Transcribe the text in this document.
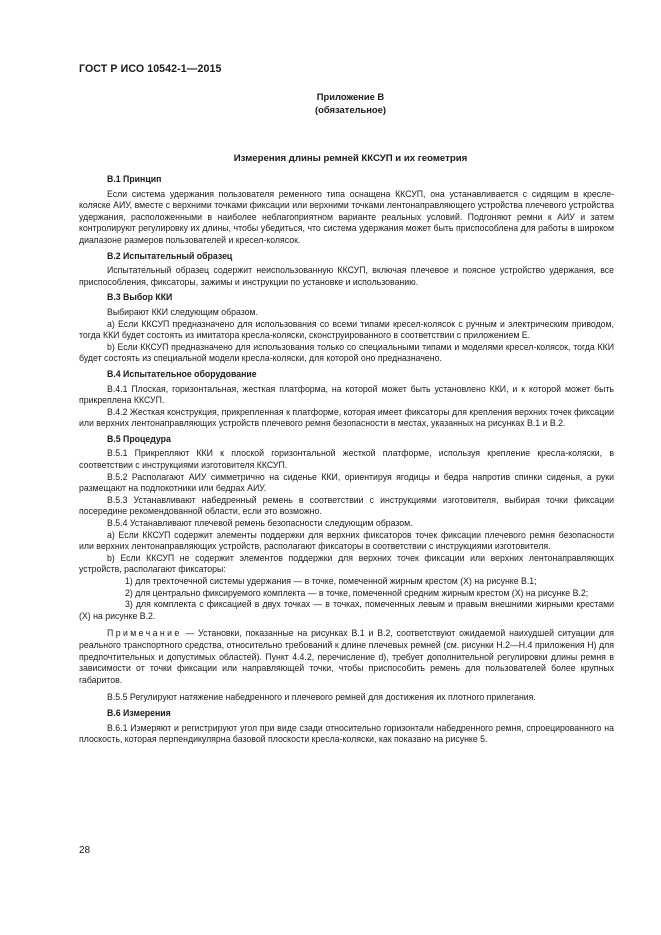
ГОСТ Р ИСО 10542-1—2015
Приложение В
(обязательное)
Измерения длины ремней ККСУП и их геометрия

В.1 Принцип

Если система удержания пользователя ременного типа оснащена ККСУП, она устанавливается с сидящим в кресле-коляске АИУ, вместе с верхними точками фиксации или верхними точками лентонаправляющего устройства плечевого устройства удержания, расположенными в наиболее неблагоприятном варианте реальных условий. Подгоняют ремни к АИУ и затем контролируют регулировку их длины, чтобы убедиться, что система удержания может быть приспособлена для работы в широком диапазоне размеров пользователей и кресел-колясок.

В.2 Испытательный образец

Испытательный образец содержит неиспользованную ККСУП, включая плечевое и поясное устройство удержания, все приспособления, фиксаторы, зажимы и инструкции по установке и использованию.

В.3 Выбор ККИ

Выбирают ККИ следующим образом.

а) Если ККСУП предназначено для использования со всеми типами кресел-колясок с ручным и электрическим приводом, тогда ККИ будет состоять из имитатора кресла-коляски, сконструированного в соответствии с приложением Е.

b) Если ККСУП предназначено для использования только со специальными типами и моделями кресел-колясок, тогда ККИ будет состоять из специальной модели кресла-коляски, для которой оно предназначено.

В.4 Испытательное оборудование

В.4.1 Плоская, горизонтальная, жесткая платформа, на которой может быть установлено ККИ, и к которой может быть прикреплена ККСУП.

В.4.2 Жесткая конструкция, прикрепленная к платформе, которая имеет фиксаторы для крепления верхних точек фиксации или верхних лентонаправляющих устройств плечевого ремня безопасности в местах, указанных на рисунках В.1 и В.2.

В.5 Процедура

В.5.1 Прикрепляют ККИ к плоской горизонтальной жесткой платформе, используя крепление кресла-коляски, в соответствии с инструкциями изготовителя ККСУП.

В.5.2 Располагают АИУ симметрично на сиденье ККИ, ориентируя ягодицы и бедра напротив спинки сиденья, а руки размещают на подлокотники или бедрах АИУ.

В.5.3 Устанавливают набедренный ремень в соответствии с инструкциями изготовителя, выбирая точки фиксации посередине рекомендованной области, если это возможно.

В.5.4 Устанавливают плечевой ремень безопасности следующим образом.

а) Если ККСУП содержит элементы поддержки для верхних фиксаторов точек фиксации плечевого ремня безопасности или верхних лентонаправляющих устройств, располагают фиксаторы в соответствии с инструкциями изготовителя.

b) Если ККСУП не содержит элементов поддержки для верхних точек фиксации или верхних лентонаправляющих устройств, располагают фиксаторы:

1) для трехточечной системы удержания — в точке, помеченной жирным крестом (X) на рисунке В.1;

2) для центрально фиксируемого комплекта — в точке, помеченной средним жирным крестом (X) на рисунке В.2;

3) для комплекта с фиксацией в двух точках — в точках, помеченных левым и правым внешними жирными крестами (X) на рисунке В.2.

Примечание — Установки, показанные на рисунках В.1 и В.2, соответствуют ожидаемой наихудшей ситуации для реального транспортного средства, относительно требований к длине плечевых ремней (см. рисунки Н.2—Н.4 приложения Н) для предпочтительных и допустимых областей). Пункт 4.4.2, перечисление d), требует дополнительной регулировки длины ремня в зависимости от точки фиксации или направляющей точки, чтобы приспособить ремень для пользователей более крупных габаритов.

В.5.5 Регулируют натяжение набедренного и плечевого ремней для достижения их плотного прилегания.

В.6 Измерения

В.6.1 Измеряют и регистрируют угол при виде сзади относительно горизонтали набедренного ремня, спроецированного на плоскость, которая перпендикулярна базовой плоскости кресла-коляски, как показано на рисунке 5.

28
